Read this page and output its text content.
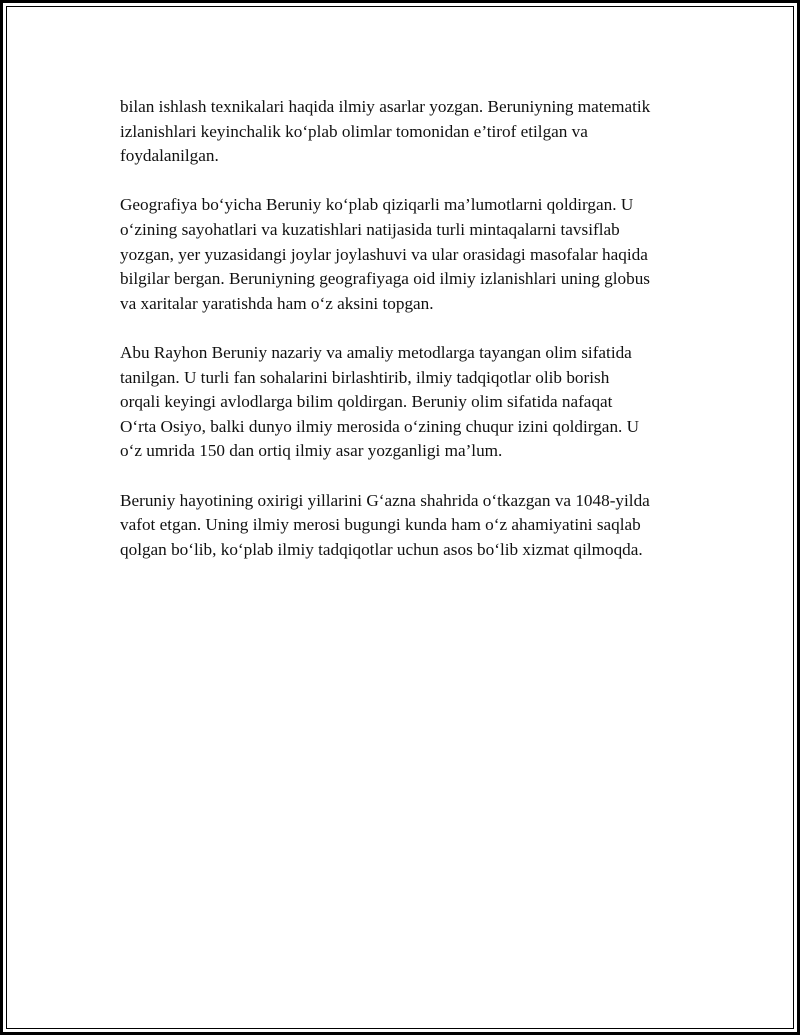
bilan ishlash texnikalari haqida ilmiy asarlar yozgan. Beruniyning matematik
izlanishlari keyinchalik ko‘plab olimlar tomonidan e’tirof etilgan va
foydalanilgan.

Geografiya bo‘yicha Beruniy ko‘plab qiziqarli ma’lumotlarni qoldirgan. U
o‘zining sayohatlari va kuzatishlari natijasida turli mintaqalarni tavsiflab
yozgan, yer yuzasidangi joylar joylashuvi va ular orasidagi masofalar haqida
bilgilar bergan. Beruniyning geografiyaga oid ilmiy izlanishlari uning globus
va xaritalar yaratishda ham o‘z aksini topgan.

Abu Rayhon Beruniy nazariy va amaliy metodlarga tayangan olim sifatida
tanilgan. U turli fan sohalarini birlashtirib, ilmiy tadqiqotlar olib borish
orqali keyingi avlodlarga bilim qoldirgan. Beruniy olim sifatida nafaqat
O‘rta Osiyo, balki dunyo ilmiy merosida o‘zining chuqur izini qoldirgan. U
o‘z umrida 150 dan ortiq ilmiy asar yozganligi ma’lum.

Beruniy hayotining oxirigi yillarini G‘azna shahrida o‘tkazgan va 1048-yilda
vafot etgan. Uning ilmiy merosi bugungi kunda ham o‘z ahamiyatini saqlab
qolgan bo‘lib, ko‘plab ilmiy tadqiqotlar uchun asos bo‘lib xizmat qilmoqda.
